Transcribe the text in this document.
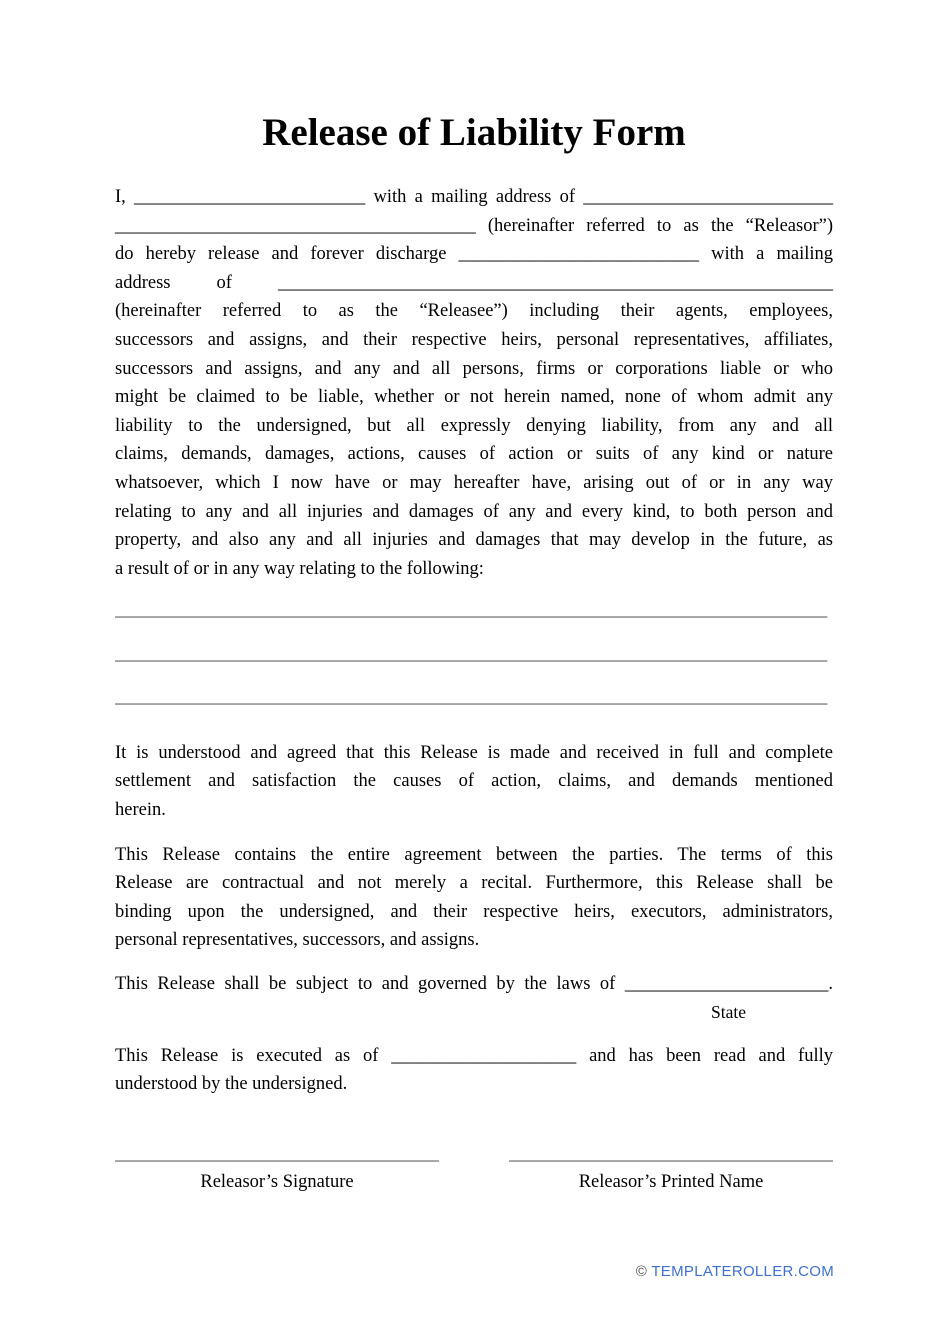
Release of Liability Form
I, _________________________ with a mailing address of ___________________________
_______________________________________ (hereinafter referred to as the “Releasor”)
do hereby release and forever discharge __________________________ with a mailing
address of ____________________________________________________________
(hereinafter referred to as the “Releasee”) including their agents, employees,
successors and assigns, and their respective heirs, personal representatives, affiliates,
successors and assigns, and any and all persons, firms or corporations liable or who
might be claimed to be liable, whether or not herein named, none of whom admit any
liability to the undersigned, but all expressly denying liability, from any and all
claims, demands, damages, actions, causes of action or suits of any kind or nature
whatsoever, which I now have or may hereafter have, arising out of or in any way
relating to any and all injuries and damages of any and every kind, to both person and
property, and also any and all injuries and damages that may develop in the future, as
a result of or in any way relating to the following:
_____________________________________________________________________________
_____________________________________________________________________________
_____________________________________________________________________________
It is understood and agreed that this Release is made and received in full and complete
settlement and satisfaction the causes of action, claims, and demands mentioned
herein.
This Release contains the entire agreement between the parties. The terms of this
Release are contractual and not merely a recital. Furthermore, this Release shall be
binding upon the undersigned, and their respective heirs, executors, administrators,
personal representatives, successors, and assigns.
This Release shall be subject to and governed by the laws of ______________________.
State
This Release is executed as of ____________________ and has been read and fully
understood by the undersigned.
___________________________________
Releasor’s Signature
___________________________________
Releasor’s Printed Name
© TEMPLATEROLLER.COM
